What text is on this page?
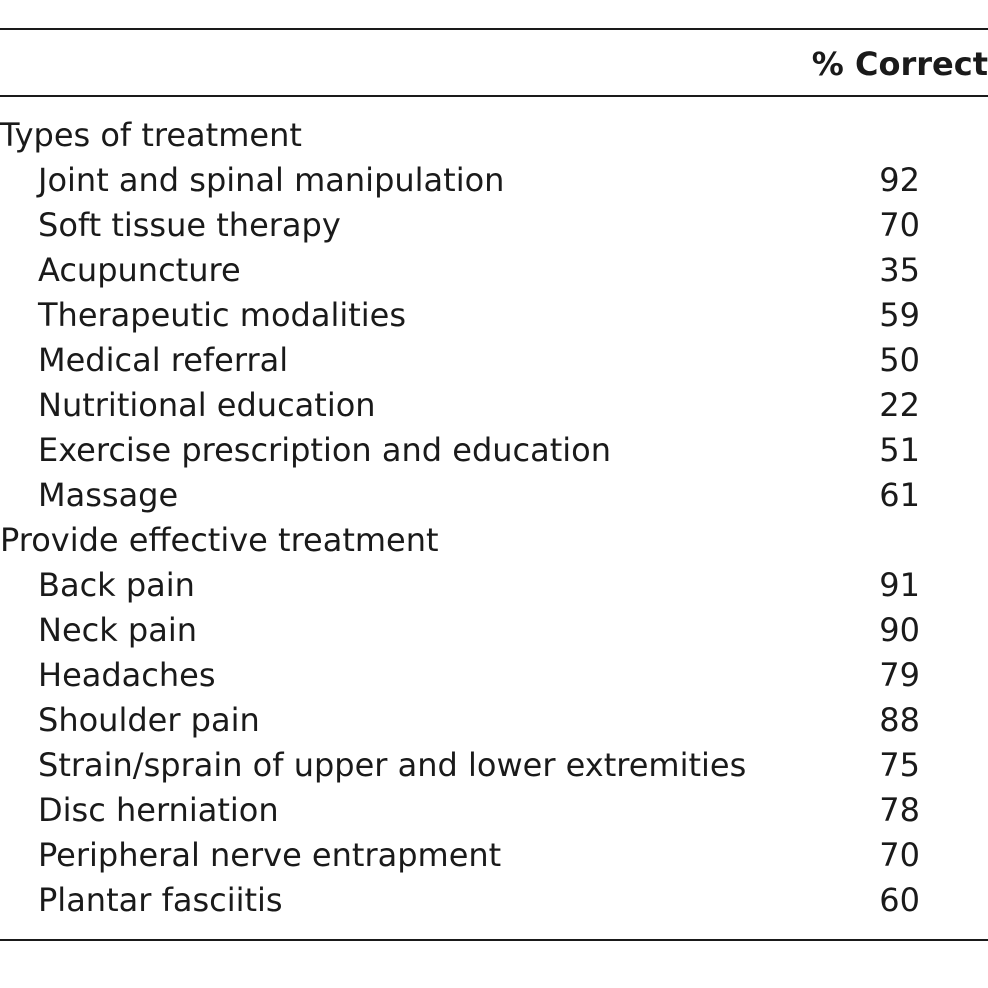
% Correct
Types of treatment
Joint and spinal manipulation	92
Soft tissue therapy	70
Acupuncture	35
Therapeutic modalities	59
Medical referral	50
Nutritional education	22
Exercise prescription and education	51
Massage	61
Provide effective treatment
Back pain	91
Neck pain	90
Headaches	79
Shoulder pain	88
Strain/sprain of upper and lower extremities	75
Disc herniation	78
Peripheral nerve entrapment	70
Plantar fasciitis	60
